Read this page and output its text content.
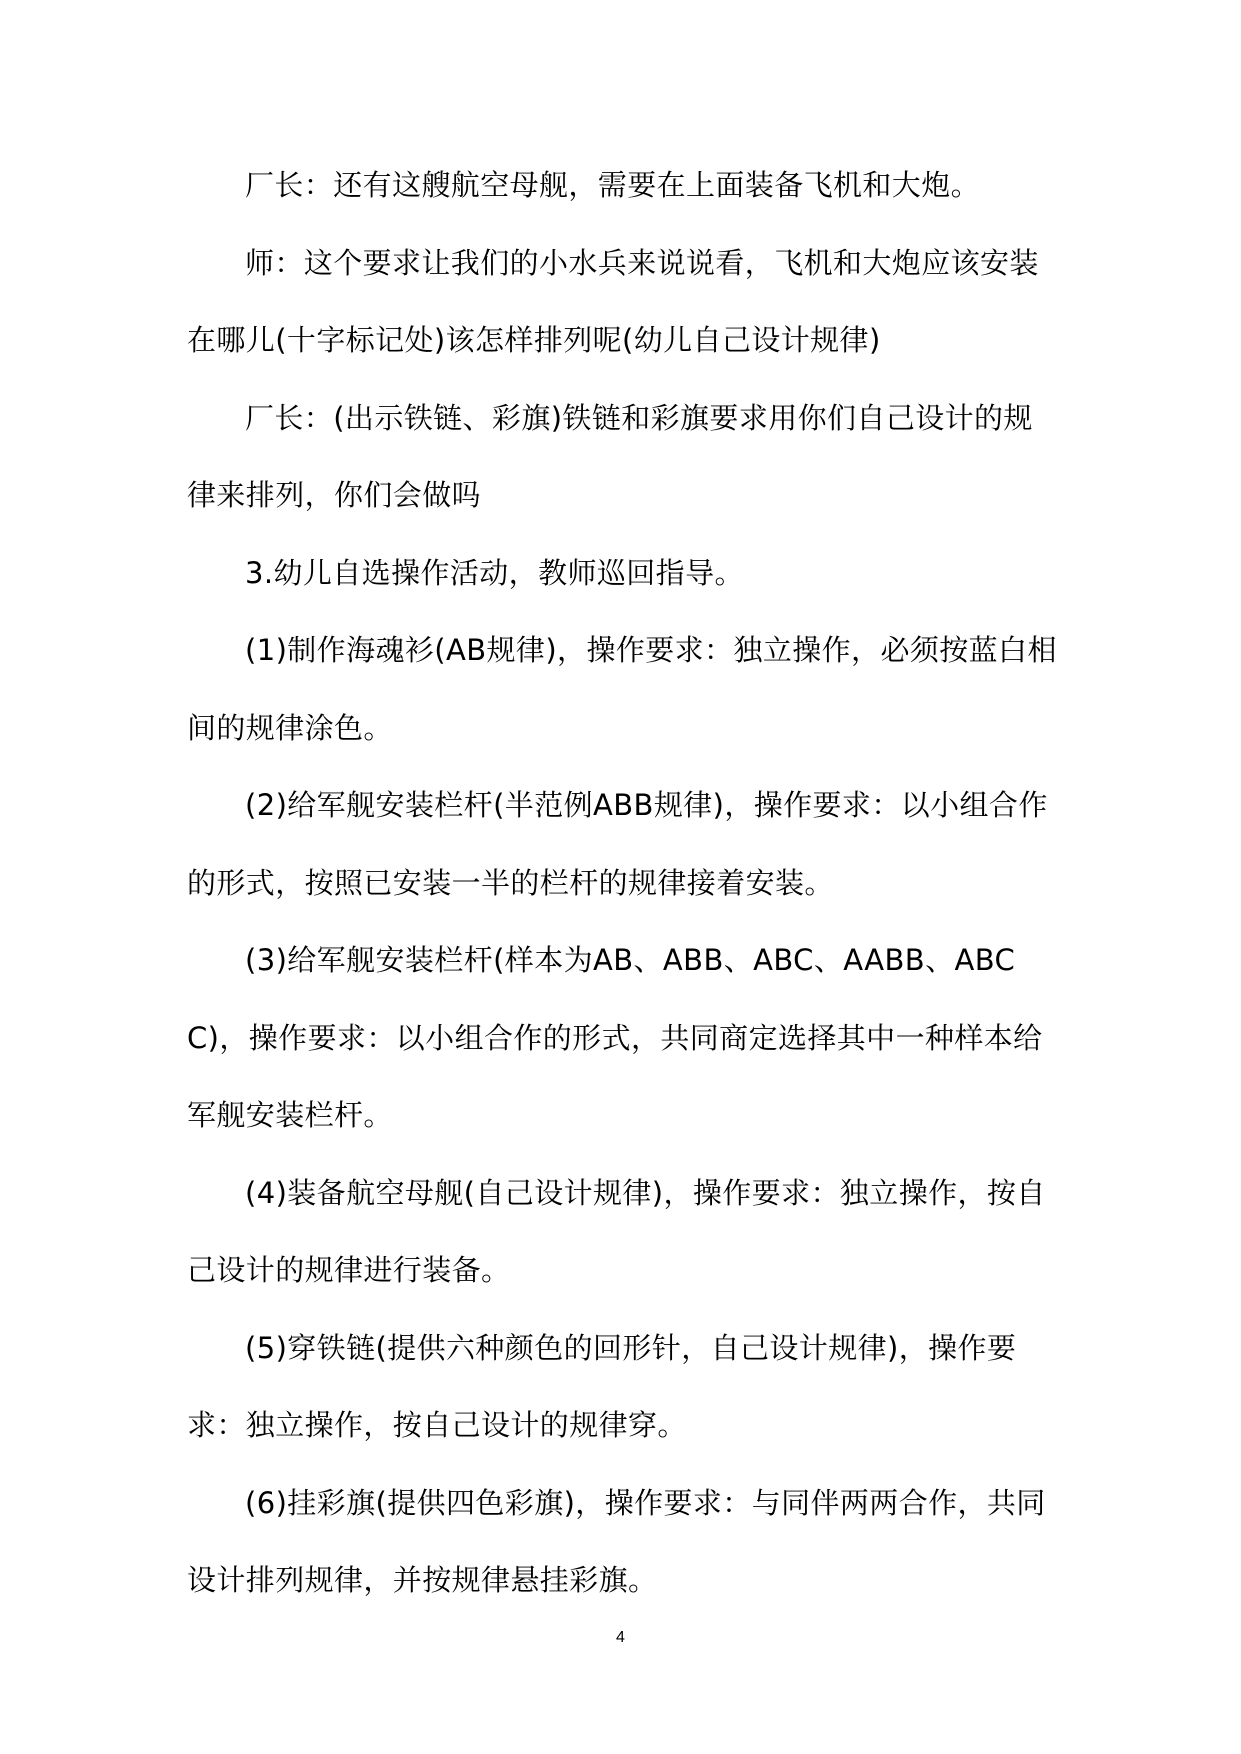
厂长：还有这艘航空母舰，需要在上面装备飞机和大炮。

师：这个要求让我们的小水兵来说说看，飞机和大炮应该安装在哪儿(十字标记处)该怎样排列呢(幼儿自己设计规律)

厂长：(出示铁链、彩旗)铁链和彩旗要求用你们自己设计的规律来排列，你们会做吗

3.幼儿自选操作活动，教师巡回指导。

(1)制作海魂衫(AB规律)，操作要求：独立操作，必须按蓝白相间的规律涂色。

(2)给军舰安装栏杆(半范例ABB规律)，操作要求：以小组合作的形式，按照已安装一半的栏杆的规律接着安装。

(3)给军舰安装栏杆(样本为AB、ABB、ABC、AABB、ABCC)，操作要求：以小组合作的形式，共同商定选择其中一种样本给军舰安装栏杆。

(4)装备航空母舰(自己设计规律)，操作要求：独立操作，按自己设计的规律进行装备。

(5)穿铁链(提供六种颜色的回形针，自己设计规律)，操作要求：独立操作，按自己设计的规律穿。

(6)挂彩旗(提供四色彩旗)，操作要求：与同伴两两合作，共同设计排列规律，并按规律悬挂彩旗。

4
